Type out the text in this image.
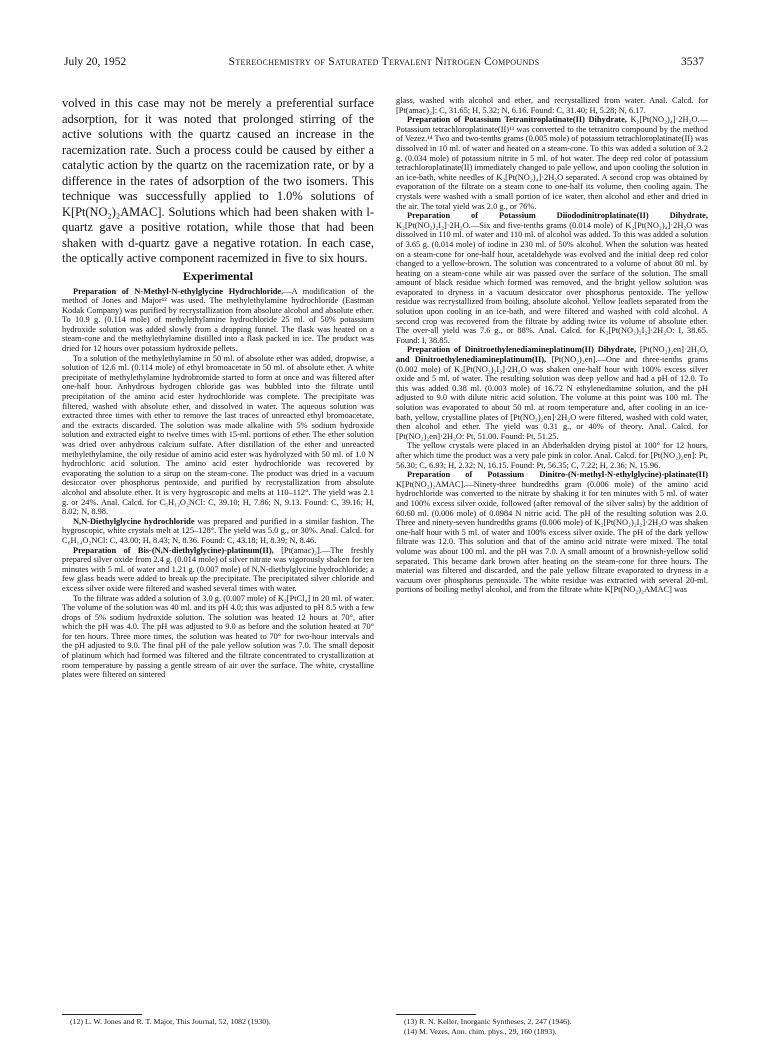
July 20, 1952	Stereochemistry of Saturated Tervalent Nitrogen Compounds	3537

volved in this case may not be merely a preferential surface adsorption, for it was noted that prolonged stirring of the active solutions with the quartz caused an increase in the racemization rate. Such a process could be caused by either a catalytic action by the quartz on the racemization rate, or by a difference in the rates of adsorption of the two isomers. This technique was successfully applied to 1.0% solutions of K[Pt(NO₂)₂AMAC]. Solutions which had been shaken with l-quartz gave a positive rotation, while those that had been shaken with d-quartz gave a negative rotation. In each case, the optically active component racemized in five to six hours.

Experimental

Preparation of N-Methyl-N-ethylglycine Hydrochloride.—A modification of the method of Jones and Major¹² was used. The methylethylamine hydrochloride (Eastman Kodak Company) was purified by recrystallization from absolute alcohol and absolute ether. To 10.9 g. (0.114 mole) of methylethylamine hydrochloride 25 ml. of 50% potassium hydroxide solution was added slowly from a dropping funnel. The flask was heated on a steam-cone and the methylethylamine distilled into a flask packed in ice. The product was dried for 12 hours over potassium hydroxide pellets.

To a solution of the methylethylamine in 50 ml. of absolute ether was added, dropwise, a solution of 12.6 ml. (0.114 mole) of ethyl bromoacetate in 50 ml. of absolute ether. A white precipitate of methylethylamine hydrobromide started to form at once and was filtered after one-half hour. Anhydrous hydrogen chloride gas was bubbled into the filtrate until precipitation of the amino acid ester hydrochloride was complete. The precipitate was filtered, washed with absolute ether, and dissolved in water. The aqueous solution was extracted three times with ether to remove the last traces of unreacted ethyl bromoacetate, and the extracts discarded. The solution was made alkaline with 5% sodium hydroxide solution and extracted eight to twelve times with 15-ml. portions of ether. The ether solution was dried over anhydrous calcium sulfate. After distillation of the ether and unreacted methylethylamine, the oily residue of amino acid ester was hydrolyzed with 50 ml. of 1.0 N hydrochloric acid solution. The amino acid ester hydrochloride was recovered by evaporating the solution to a sirup on the steam-cone. The product was dried in a vacuum desiccator over phosphorus pentoxide, and purified by recrystallization from absolute alcohol and absolute ether. It is very hygroscopic and melts at 110–112°. The yield was 2.1 g. or 24%. Anal. Calcd. for C₅H₁₂O₂NCl: C, 39.10; H, 7.86; N, 9.13. Found: C, 39.16; H, 8.02; N, 8.98.

N,N-Diethylglycine hydrochloride was prepared and purified in a similar fashion. The hygroscopic, white crystals melt at 125–128°. The yield was 5.0 g., or 30%. Anal. Calcd. for C₆H₁₄O₂NCl: C, 43.00; H, 8.43; N, 8.36. Found: C, 43.18; H, 8.39; N, 8.46.

Preparation of Bis-(N,N-diethylglycine)-platinum(II), [Pt(amac)₂].—The freshly prepared silver oxide from 2.4 g. (0.014 mole) of silver nitrate was vigorously shaken for ten minutes with 5 ml. of water and 1.21 g. (0.007 mole) of N,N-diethylglycine hydrochloride; a few glass beads were added to break up the precipitate. The precipitated silver chloride and excess silver oxide were filtered and washed several times with water.

To the filtrate was added a solution of 3.0 g. (0.007 mole) of K₂[PtCl₄] in 20 ml. of water. The volume of the solution was 40 ml. and its pH 4.0; this was adjusted to pH 8.5 with a few drops of 5% sodium hydroxide solution. The solution was heated 12 hours at 70°, after which the pH was 4.0. The pH was adjusted to 9.0 as before and the solution heated at 70° for ten hours. Three more times, the solution was heated to 70° for two-hour intervals and the pH adjusted to 9.0. The final pH of the pale yellow solution was 7.0. The small deposit of platinum which had formed was filtered and the filtrate concentrated to crystallization at room temperature by passing a gentle stream of air over the surface. The white, crystalline plates were filtered on sintered

glass, washed with alcohol and ether, and recrystallized from water. Anal. Calcd. for [Pt(amac)₂]: C, 31.65; H, 5.32; N, 6.16. Found: C, 31.40; H, 5.28; N, 6.17.

Preparation of Potassium Tetranitroplatinate(II) Dihydrate, K₂[Pt(NO₂)₄]·2H₂O.—Potassium tetrachloroplatinate(II)¹³ was converted to the tetranitro compound by the method of Vezez.¹⁴ Two and two-tenths grams (0.005 mole) of potassium tetrachloroplatinate(II) was dissolved in 10 ml. of water and heated on a steam-cone. To this was added a solution of 3.2 g. (0.034 mole) of potassium nitrite in 5 ml. of hot water. The deep red color of potassium tetrachloroplatinate(II) immediately changed to pale yellow, and upon cooling the solution in an ice-bath, white needles of K₂[Pt(NO₂)₄]·2H₂O separated. A second crop was obtained by evaporation of the filtrate on a steam cone to one-half its volume, then cooling again. The crystals were washed with a small portion of ice water, then alcohol and ether and dried in the air. The total yield was 2.0 g., or 76%.

Preparation of Potassium Diiododinitroplatinate(II) Dihydrate, K₂[Pt(NO₂)₂I₂]·2H₂O.—Six and five-tenths grams (0.014 mole) of K₂[Pt(NO₂)₄]·2H₂O was dissolved in 110 ml. of water and 110 ml. of alcohol was added. To this was added a solution of 3.65 g. (0.014 mole) of iodine in 230 ml. of 50% alcohol. When the solution was heated on a steam-cone for one-half hour, acetaldehyde was evolved and the initial deep red color changed to a yellow-brown. The solution was concentrated to a volume of about 80 ml. by heating on a steam-cone while air was passed over the surface of the solution. The small amount of black residue which formed was removed, and the bright yellow solution was evaporated to dryness in a vacuum desiccator over phosphorus pentoxide. The yellow residue was recrystallized from boiling, absolute alcohol. Yellow leaflets separated from the solution upon cooling in an ice-bath, and were filtered and washed with cold alcohol. A second crop was recovered from the filtrate by adding twice its volume of absolute ether. The over-all yield was 7.6 g., or 88%. Anal. Calcd. for K₂[Pt(NO₂)₂I₂]·2H₂O: I, 38.65. Found: I, 38.85.

Preparation of Dinitroethylenediamineplatinum(II) Dihydrate, [Pt(NO₂)₂en]·2H₂O, and Dinitroethylenediamineplatinum(II), [Pt(NO₂)₂en].—One and three-tenths grams (0.002 mole) of K₂[Pt(NO₂)₂I₂]·2H₂O was shaken one-half hour with 100% excess silver oxide and 5 ml. of water. The resulting solution was deep yellow and had a pH of 12.0. To this was added 0.38 ml. (0.003 mole) of 16.72 N ethylenediamine solution, and the pH adjusted to 9.0 with dilute nitric acid solution. The volume at this point was 100 ml. The solution was evaporated to about 50 ml. at room temperature and, after cooling in an ice-bath, yellow, crystalline plates of [Pt(NO₂)₂en]·2H₂O were filtered, washed with cold water, then alcohol and ether. The yield was 0.31 g., or 40% of theory. Anal. Calcd. for [Pt(NO₂)₂en]·2H₂O: Pt, 51.00. Found: Pt, 51.25.

The yellow crystals were placed in an Abderhalden drying pistol at 100° for 12 hours, after which time the product was a very pale pink in color. Anal. Calcd. for [Pt(NO₂)₂en]: Pt, 56.30; C, 6.93; H, 2.32; N, 16.15. Found: Pt, 56.35; C, 7.22; H, 2.36; N, 15.96.

Preparation of Potassium Dinitro-(N-methyl-N-ethylglycine)-platinate(II) K[Pt(NO₂)₂AMAC].—Ninety-three hundredths gram (0.006 mole) of the amino acid hydrochloride was converted to the nitrate by shaking it for ten minutes with 5 ml. of water and 100% excess silver oxide, followed (after removal of the silver salts) by the addition of 60.60 ml. (0.006 mole) of 0.0984 N nitric acid. The pH of the resulting solution was 2.0. Three and ninety-seven hundredths grams (0.006 mole) of K₂[Pt(NO₂)₂I₂]·2H₂O was shaken one-half hour with 5 ml. of water and 100% excess silver oxide. The pH of the dark yellow filtrate was 12.0. This solution and that of the amino acid nitrate were mixed. The total volume was about 100 ml. and the pH was 7.0. A small amount of a brownish-yellow solid separated. This became dark brown after heating on the steam-cone for three hours. The material was filtered and discarded, and the pale yellow filtrate evaporated to dryness in a vacuum over phosphorus pentoxide. The white residue was extracted with several 20-ml. portions of boiling methyl alcohol, and from the filtrate white K[Pt(NO₂)₂AMAC] was

(12) L. W. Jones and R. T. Major, This Journal, 52, 1082 (1930).	(13) R. N. Keller, Inorganic Syntheses, 2, 247 (1946).
(14) M. Vezes, Ann. chim. phys., 29, 160 (1893).
